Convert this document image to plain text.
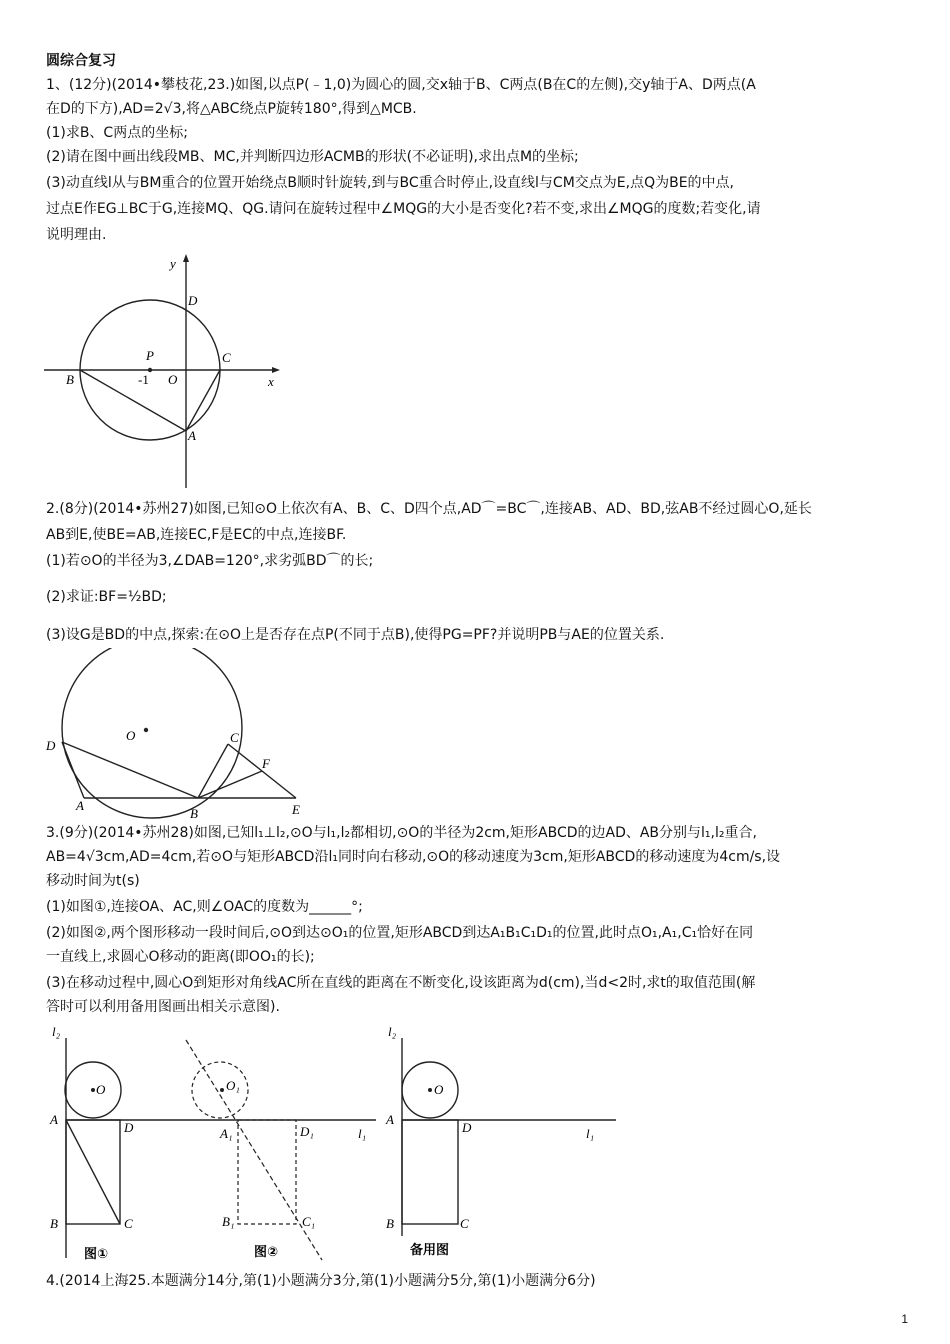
圆综合复习
1、(12分)(2014•攀枝花,23.)如图,以点P(﹣1,0)为圆心的圆,交x轴于B、C两点(B在C的左侧),交y轴于A、D两点(A
在D的下方),AD=2√3,将△ABC绕点P旋转180°,得到△MCB.
(1)求B、C两点的坐标;
(2)请在图中画出线段MB、MC,并判断四边形ACMB的形状(不必证明),求出点M的坐标;
(3)动直线l从与BM重合的位置开始绕点B顺时针旋转,到与BC重合时停止,设直线l与CM交点为E,点Q为BE的中点,
过点E作EG⊥BC于G,连接MQ、QG.请问在旋转过程中∠MQG的大小是否变化?若不变,求出∠MQG的度数;若变化,请
说明理由.
y
x
D
P	C
B	-1 O
A
2.(8分)(2014•苏州27)如图,已知⊙O上依次有A、B、C、D四个点,AD⌒=BC⌒,连接AB、AD、BD,弦AB不经过圆心O,延长
AB到E,使BE=AB,连接EC,F是EC的中点,连接BF.
(1)若⊙O的半径为3,∠DAB=120°,求劣弧BD⌒的长;
(2)求证:BF=½BD;
(3)设G是BD的中点,探索:在⊙O上是否存在点P(不同于点B),使得PG=PF?并说明PB与AE的位置关系.
O
D
C
F
A
B	E
3.(9分)(2014•苏州28)如图,已知l₁⊥l₂,⊙O与l₁,l₂都相切,⊙O的半径为2cm,矩形ABCD的边AD、AB分别与l₁,l₂重合,
AB=4√3cm,AD=4cm,若⊙O与矩形ABCD沿l₁同时向右移动,⊙O的移动速度为3cm,矩形ABCD的移动速度为4cm/s,设
移动时间为t(s)
(1)如图①,连接OA、AC,则∠OAC的度数为______°;
(2)如图②,两个图形移动一段时间后,⊙O到达⊙O₁的位置,矩形ABCD到达A₁B₁C₁D₁的位置,此时点O₁,A₁,C₁恰好在同
一直线上,求圆心O移动的距离(即OO₁的长);
(3)在移动过程中,圆心O到矩形对角线AC所在直线的距离在不断变化,设该距离为d(cm),当d<2时,求t的取值范围(解
答时可以利用备用图画出相关示意图).
l₂
O	O₁
A
D	A₁	D₁	l₁
B	C	B₁	C₁
图①	图②
l₂
O
A
D	l₁
B	C
备用图
4.(2014上海25.本题满分14分,第(1)小题满分3分,第(1)小题满分5分,第(1)小题满分6分)
1
